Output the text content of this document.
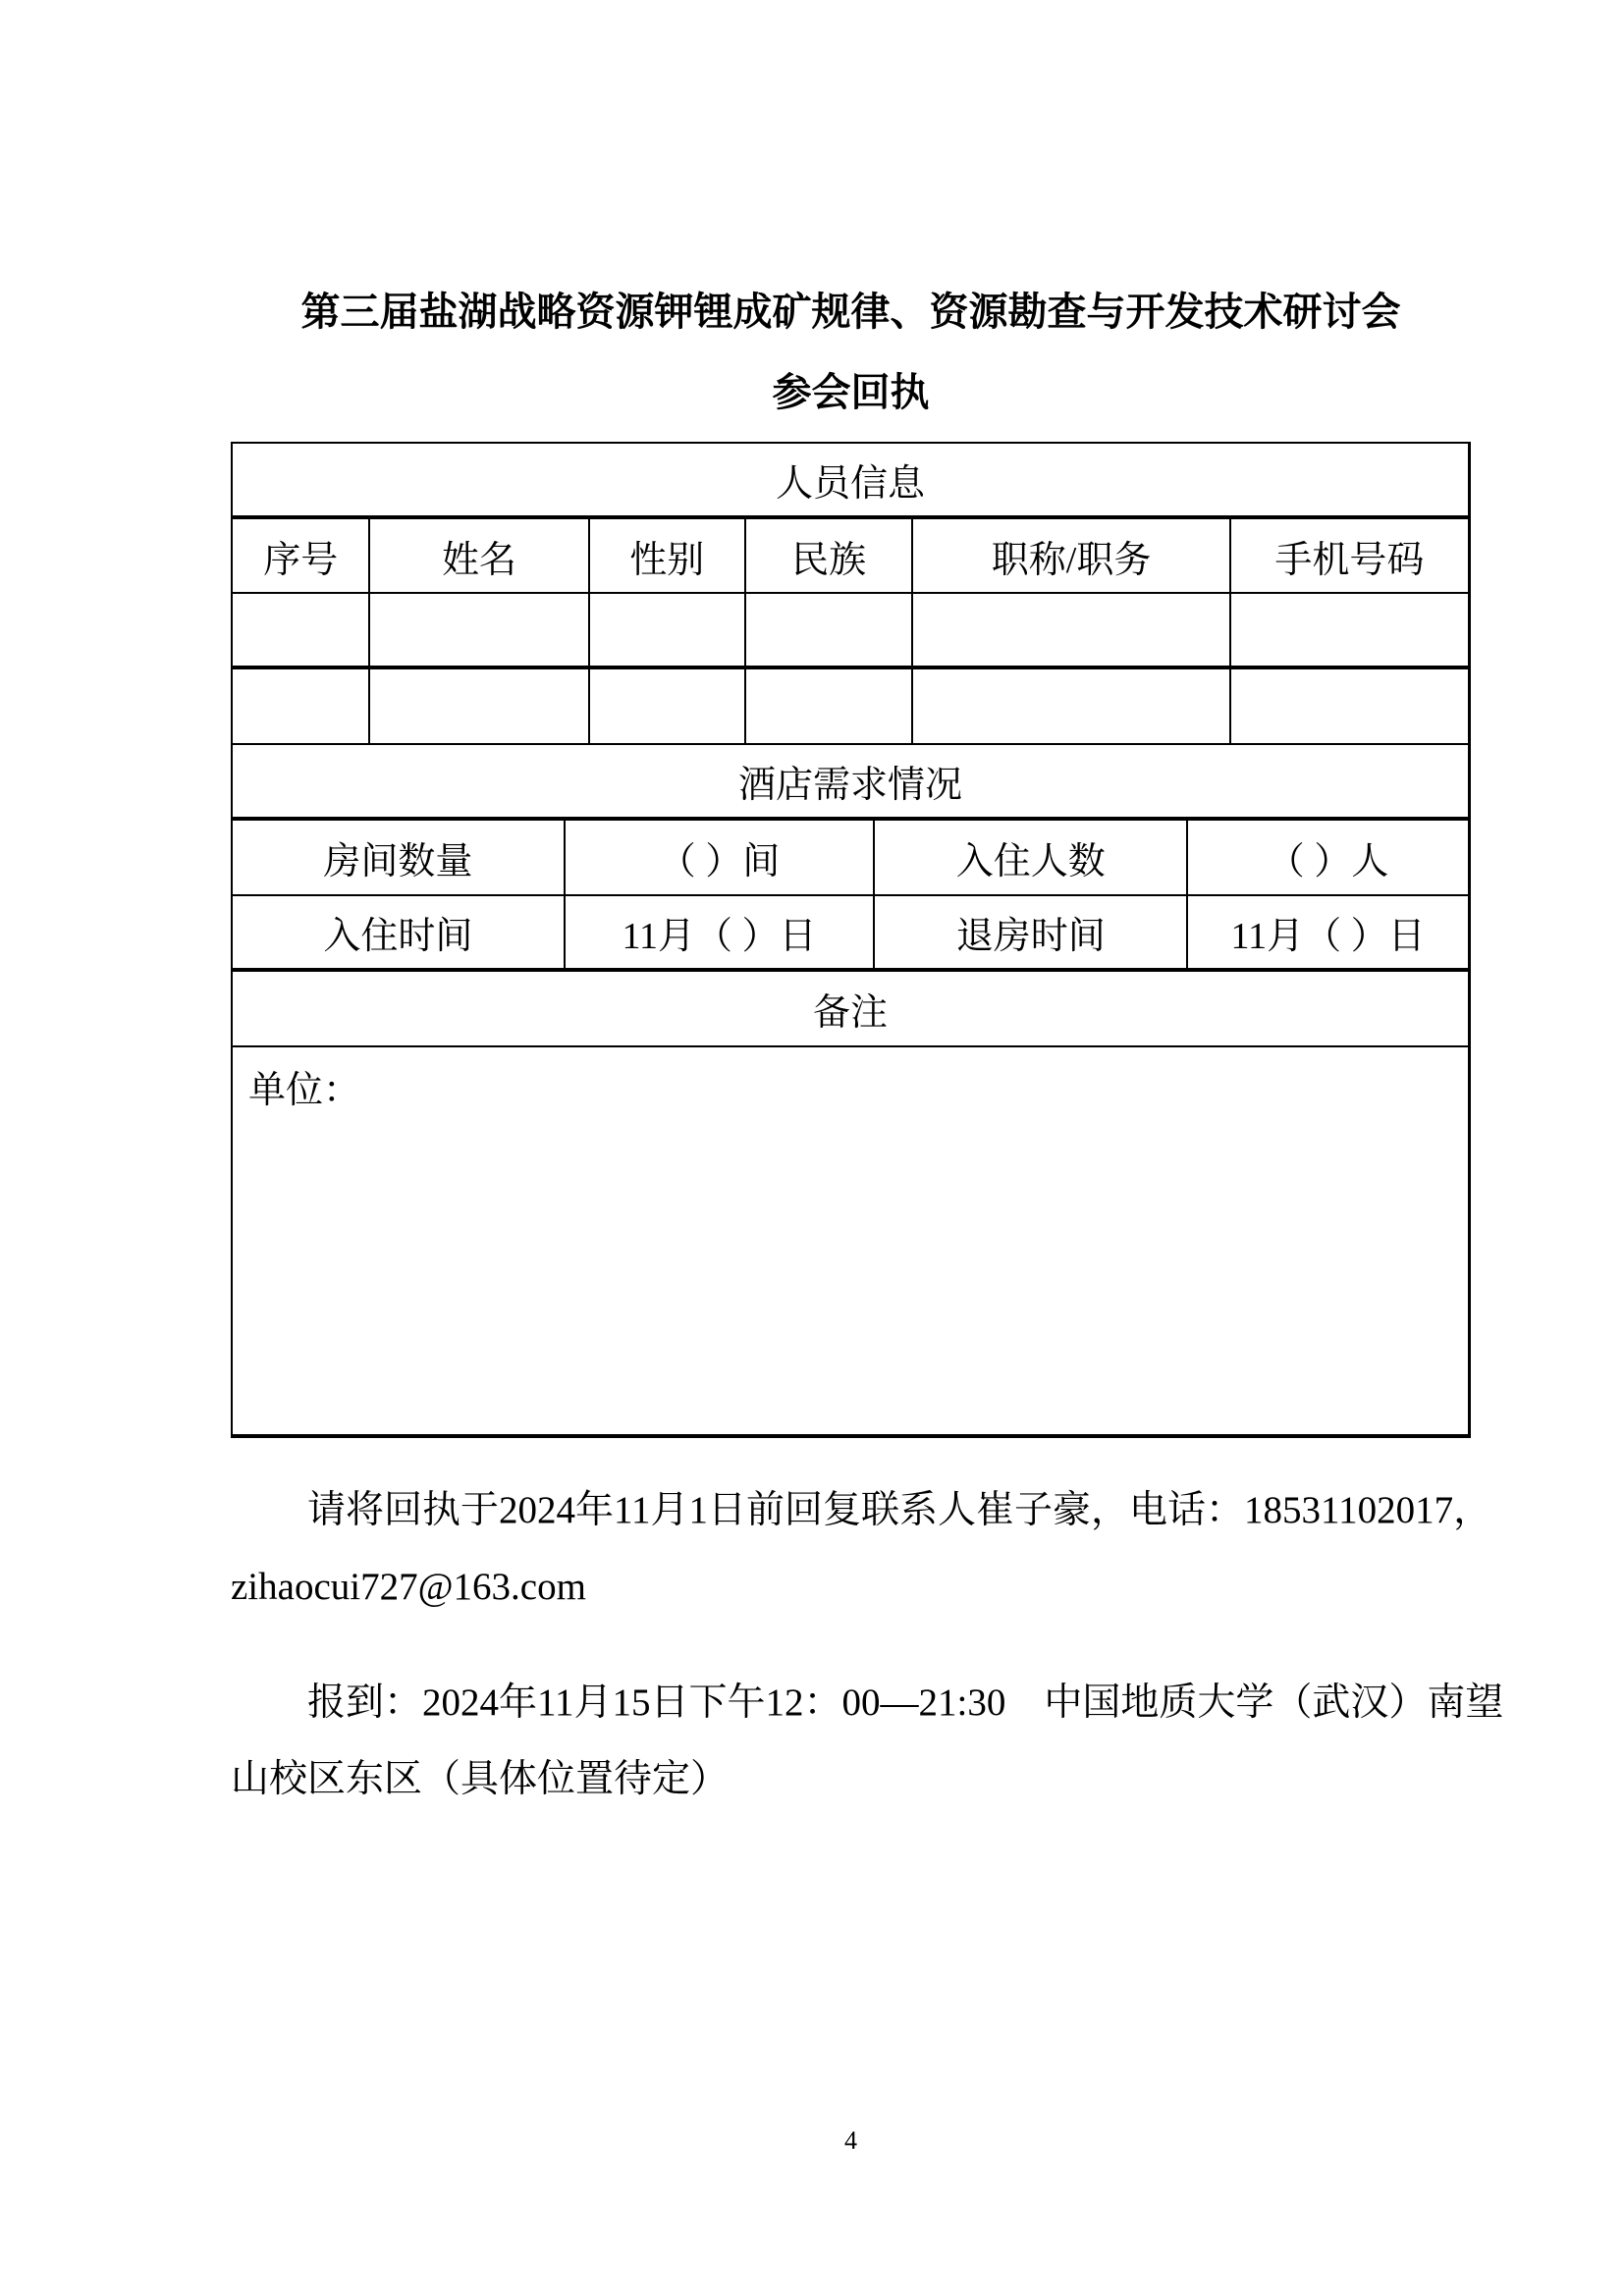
第三届盐湖战略资源钾锂成矿规律、资源勘查与开发技术研讨会
参会回执
人员信息
序号	姓名	性别	民族	职称/职务	手机号码
酒店需求情况
房间数量	（ ）间	入住人数	（ ）人
入住时间	11月（ ）日	退房时间	11月（ ）日
备注
单位：
请将回执于2024年11月1日前回复联系人崔子豪，电话：18531102017，
zihaocui727@163.com
报到：2024年11月15日下午12：00—21:30　中国地质大学（武汉）南望
山校区东区（具体位置待定）
4
